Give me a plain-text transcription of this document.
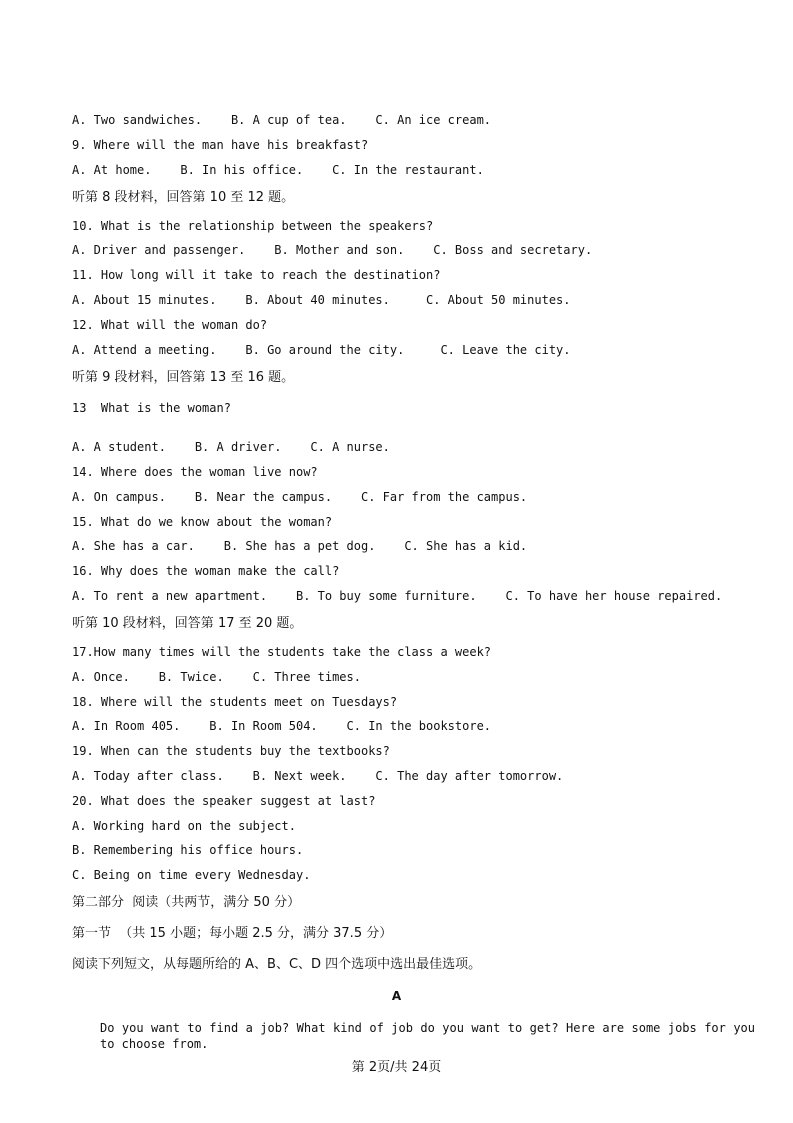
A. Two sandwiches.    B. A cup of tea.    C. An ice cream.
9. Where will the man have his breakfast?
A. At home.    B. In his office.    C. In the restaurant.
听第 8 段材料，回答第 10 至 12 题。
10. What is the relationship between the speakers?
A. Driver and passenger.    B. Mother and son.    C. Boss and secretary.
11. How long will it take to reach the destination?
A. About 15 minutes.    B. About 40 minutes.     C. About 50 minutes.
12. What will the woman do?
A. Attend a meeting.    B. Go around the city.     C. Leave the city.
听第 9 段材料，回答第 13 至 16 题。
13  What is the woman?
A. A student.    B. A driver.    C. A nurse.
14. Where does the woman live now?
A. On campus.    B. Near the campus.    C. Far from the campus.
15. What do we know about the woman?
A. She has a car.    B. She has a pet dog.    C. She has a kid.
16. Why does the woman make the call?
A. To rent a new apartment.    B. To buy some furniture.    C. To have her house repaired.
听第 10 段材料，回答第 17 至 20 题。
17.How many times will the students take the class a week?
A. Once.    B. Twice.    C. Three times.
18. Where will the students meet on Tuesdays?
A. In Room 405.    B. In Room 504.    C. In the bookstore.
19. When can the students buy the textbooks?
A. Today after class.    B. Next week.    C. The day after tomorrow.
20. What does the speaker suggest at last?
A. Working hard on the subject.
B. Remembering his office hours.
C. Being on time every Wednesday.
第二部分  阅读（共两节，满分 50 分）
第一节  （共 15 小题；每小题 2.5 分，满分 37.5 分）
阅读下列短文，从每题所给的 A、B、C、D 四个选项中选出最佳选项。
A
Do you want to find a job? What kind of job do you want to get? Here are some jobs for you to choose from.
第 2页/共 24页
